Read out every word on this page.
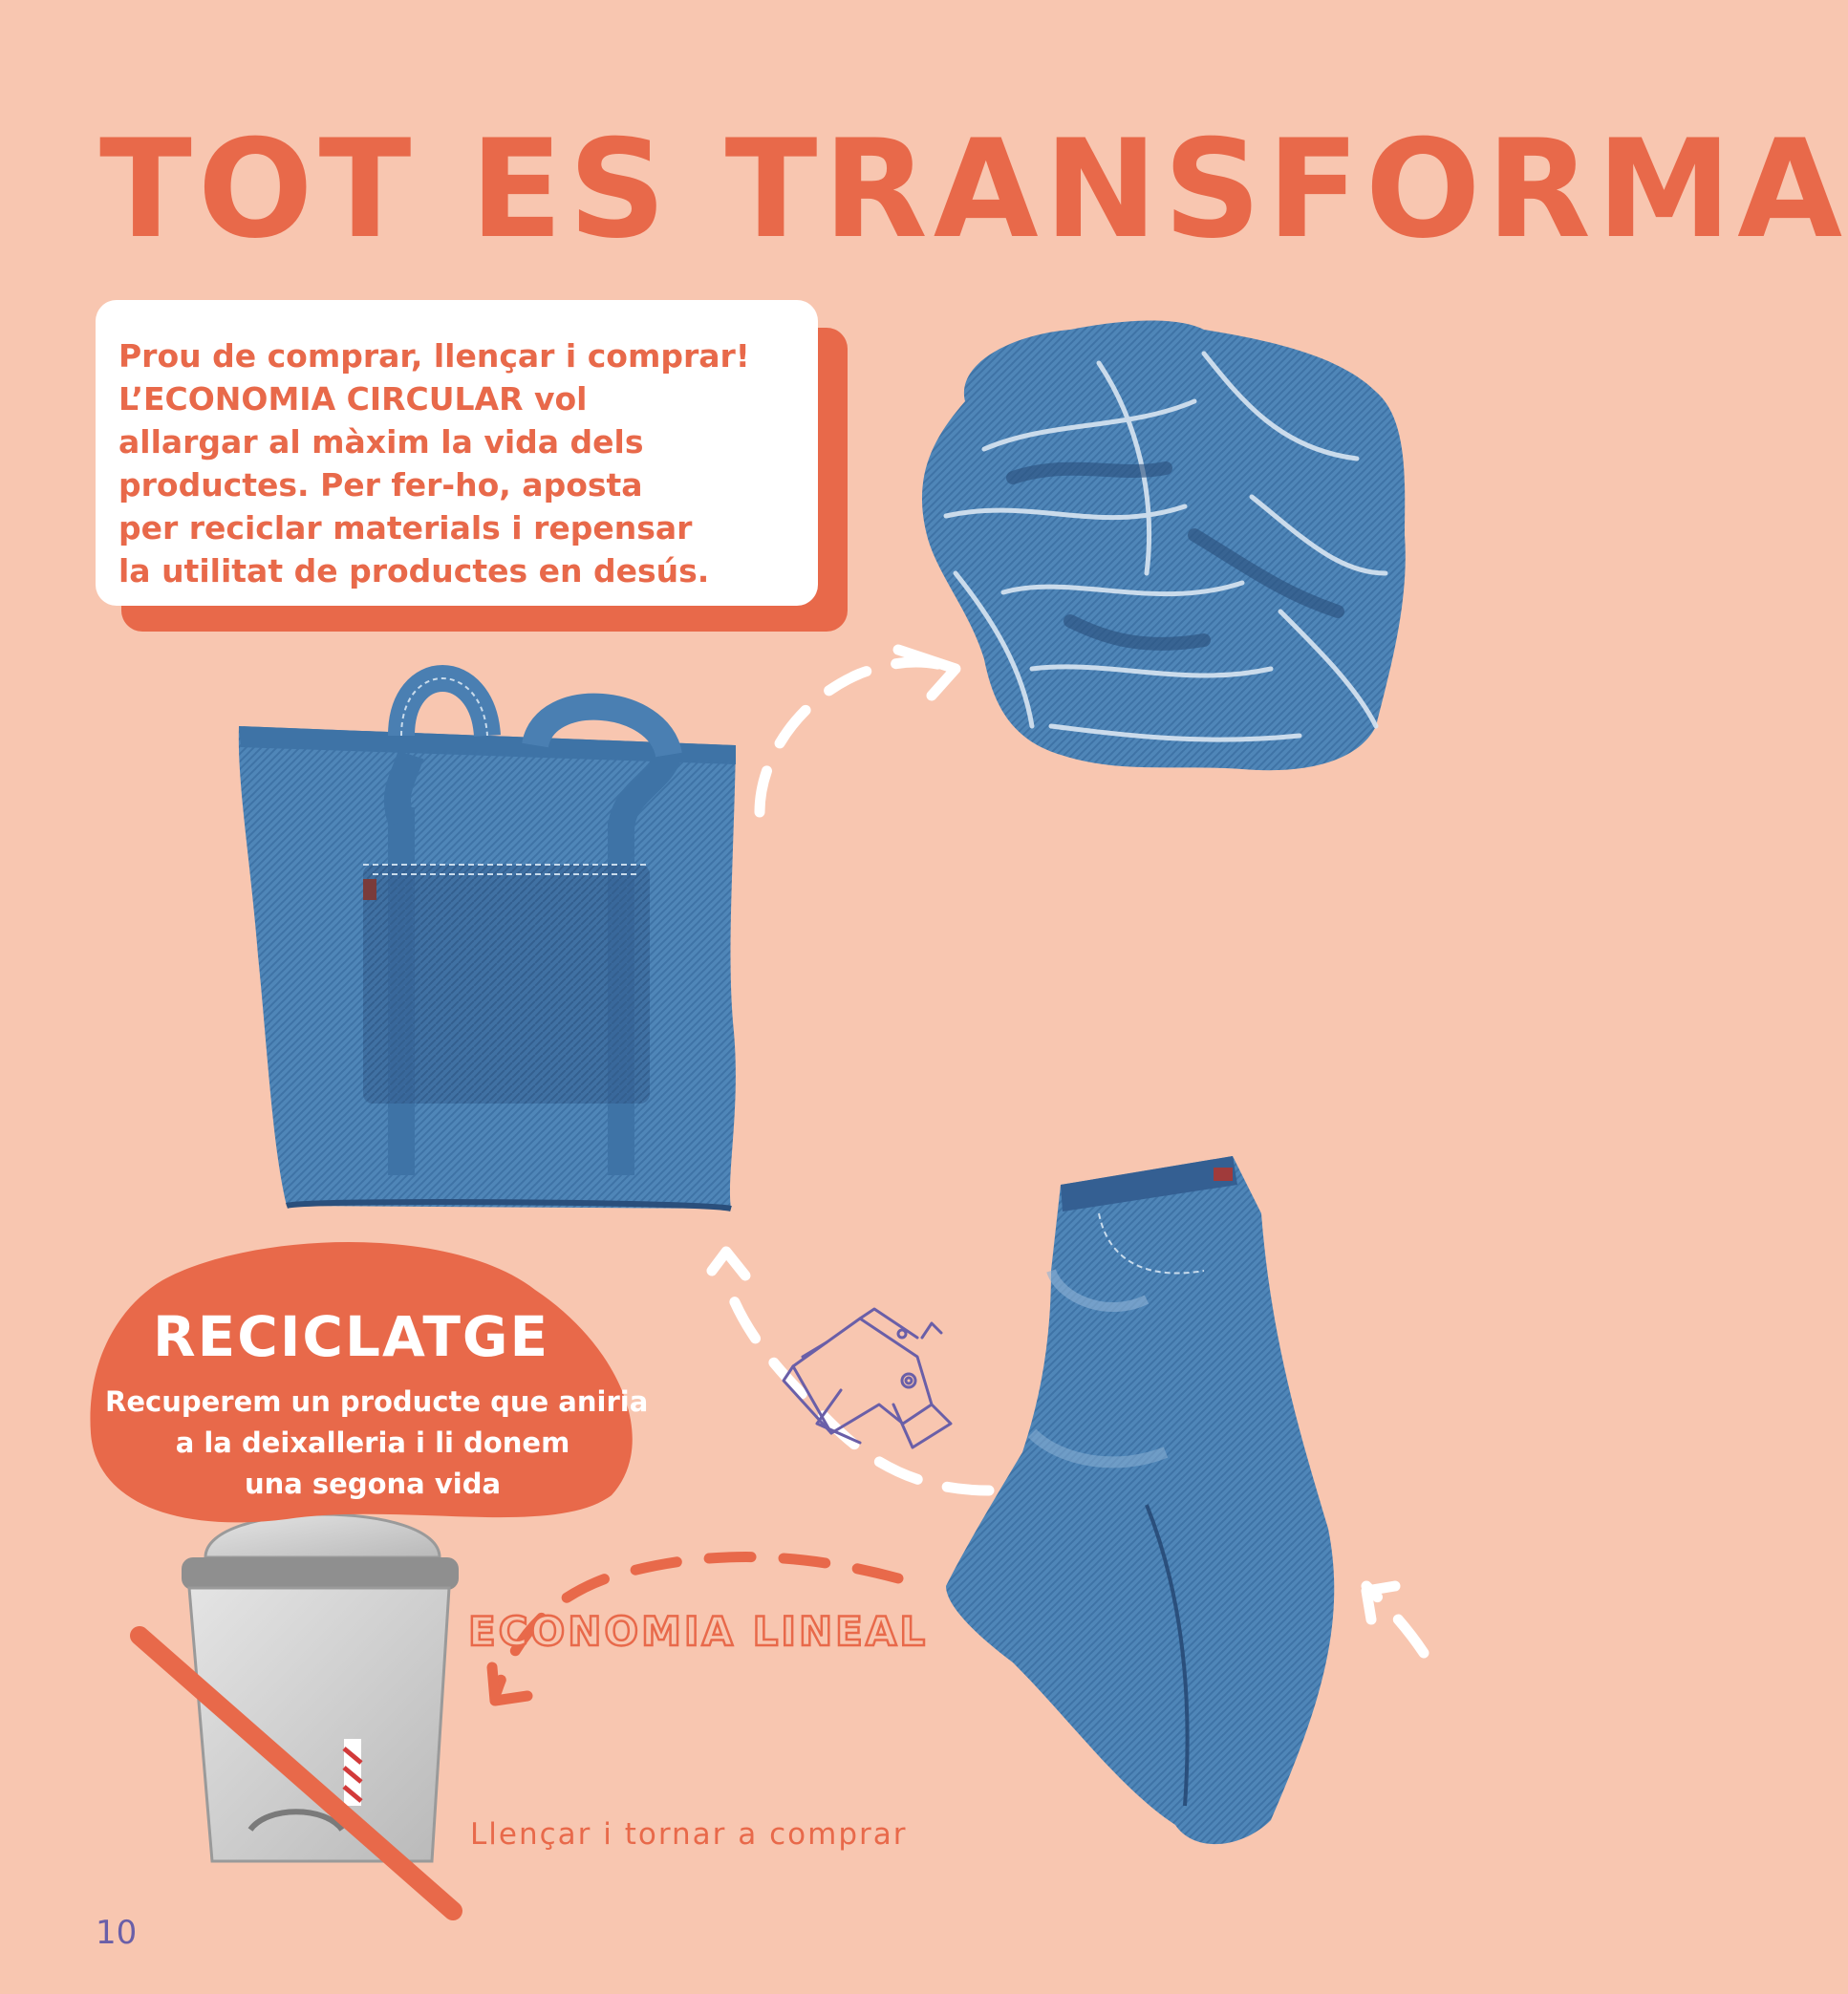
TOT ES TRANSFORMA
Prou de comprar, llençar i comprar!
L’ECONOMIA CIRCULAR vol
allargar al màxim la vida dels
productes. Per fer-ho, aposta
per reciclar materials i repensar
la utilitat de productes en desús.
RECICLATGE
Recuperem un producte que aniria
a la deixalleria i li donem
una segona vida
ECONOMIA LINEAL
Llençar i tornar a comprar
10
